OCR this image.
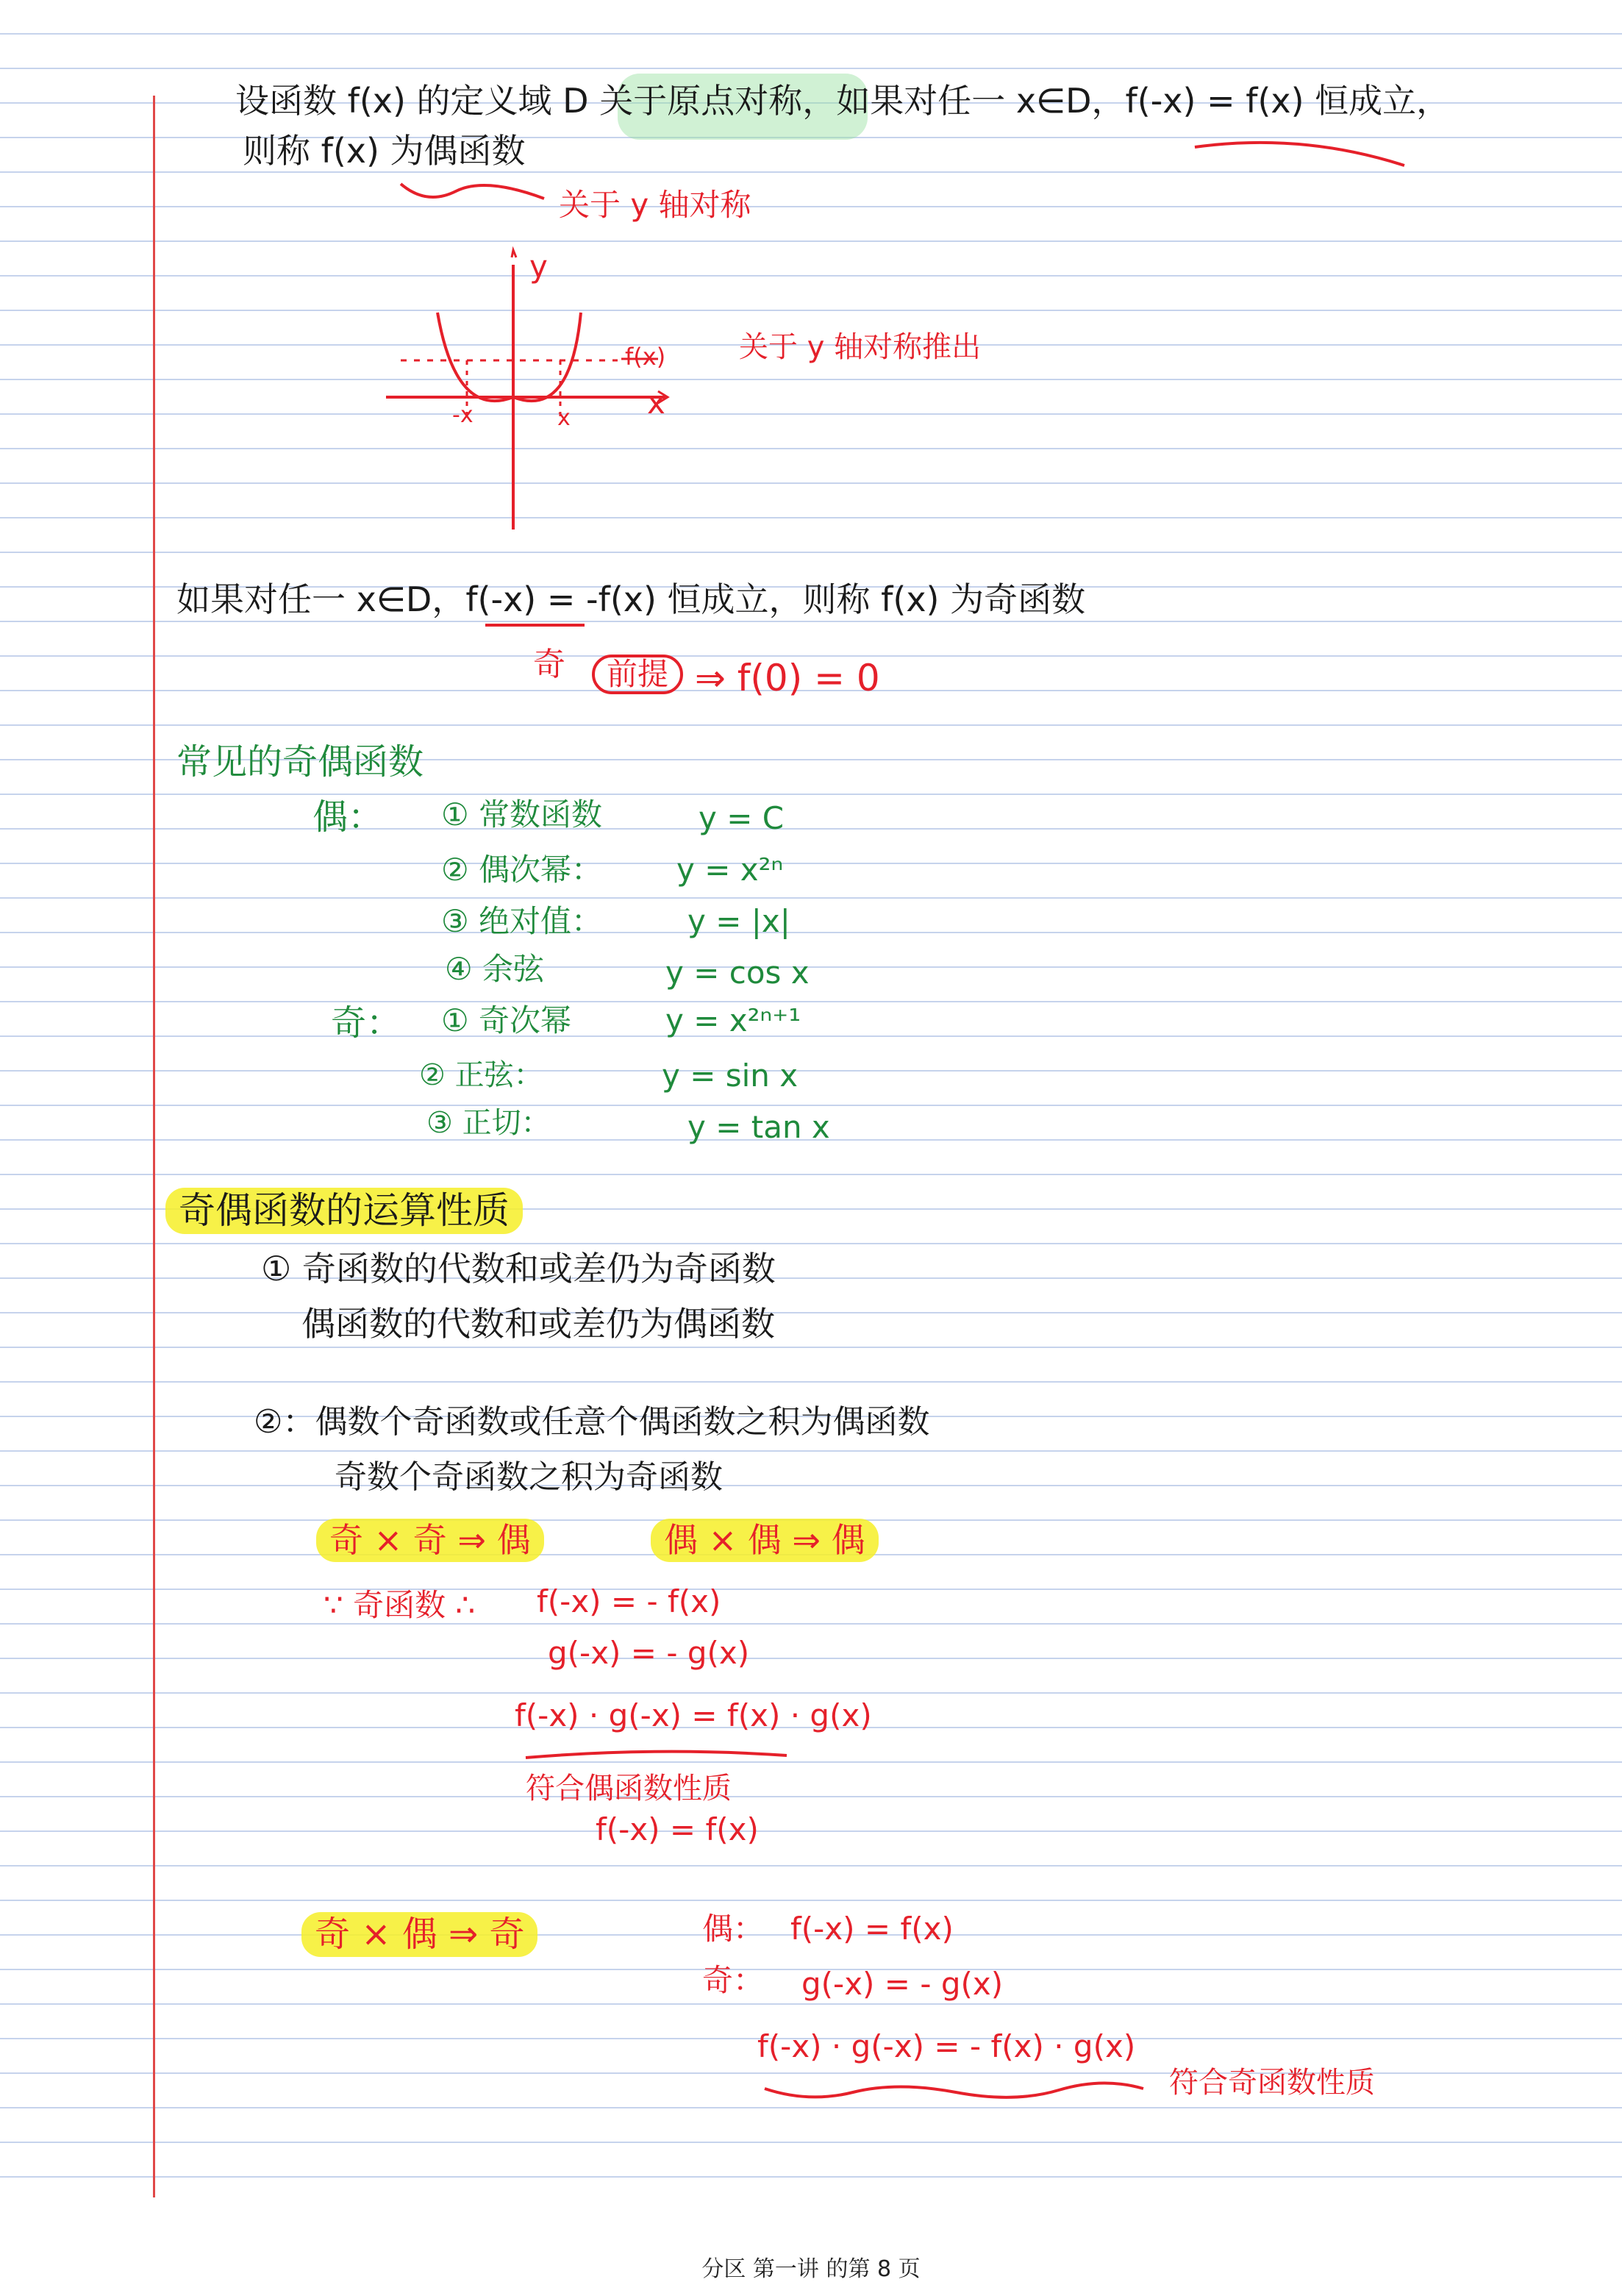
设函数 f(x) 的定义域 D 关于原点对称，如果对任一 x∈D，f(-x) = f(x) 恒成立，
则称 f(x) 为偶函数
关于 y 轴对称
y
x
f(x)
-x	x
关于 y 轴对称推出
如果对任一 x∈D，f(-x) = -f(x) 恒成立，则称 f(x) 为奇函数
奇	前提 ⇒ f(0) = 0
常见的奇偶函数
偶： ① 常数函数	y = C
② 偶次幂： y = x²ⁿ
③ 绝对值：	y = |x|
④ 余弦	y = cos x
奇： ① 奇次幂	y = x²ⁿ⁺¹
② 正弦：	y = sin x
③ 正切：	y = tan x
奇偶函数的运算性质
① 奇函数的代数和或差仍为奇函数
偶函数的代数和或差仍为偶函数
②：偶数个奇函数或任意个偶函数之积为偶函数
奇数个奇函数之积为奇函数
奇 × 奇 ⇒ 偶	偶 × 偶 ⇒ 偶
∵ 奇函数 ∴ f(-x) = - f(x)
g(-x) = - g(x)
f(-x) · g(-x) = f(x) · g(x)
符合偶函数性质
f(-x) = f(x)
奇 × 偶 ⇒ 奇	偶： f(-x) = f(x)
奇： g(-x) = - g(x)
f(-x) · g(-x) = - f(x) · g(x)
符合奇函数性质
分区 第一讲 的第 8 页
